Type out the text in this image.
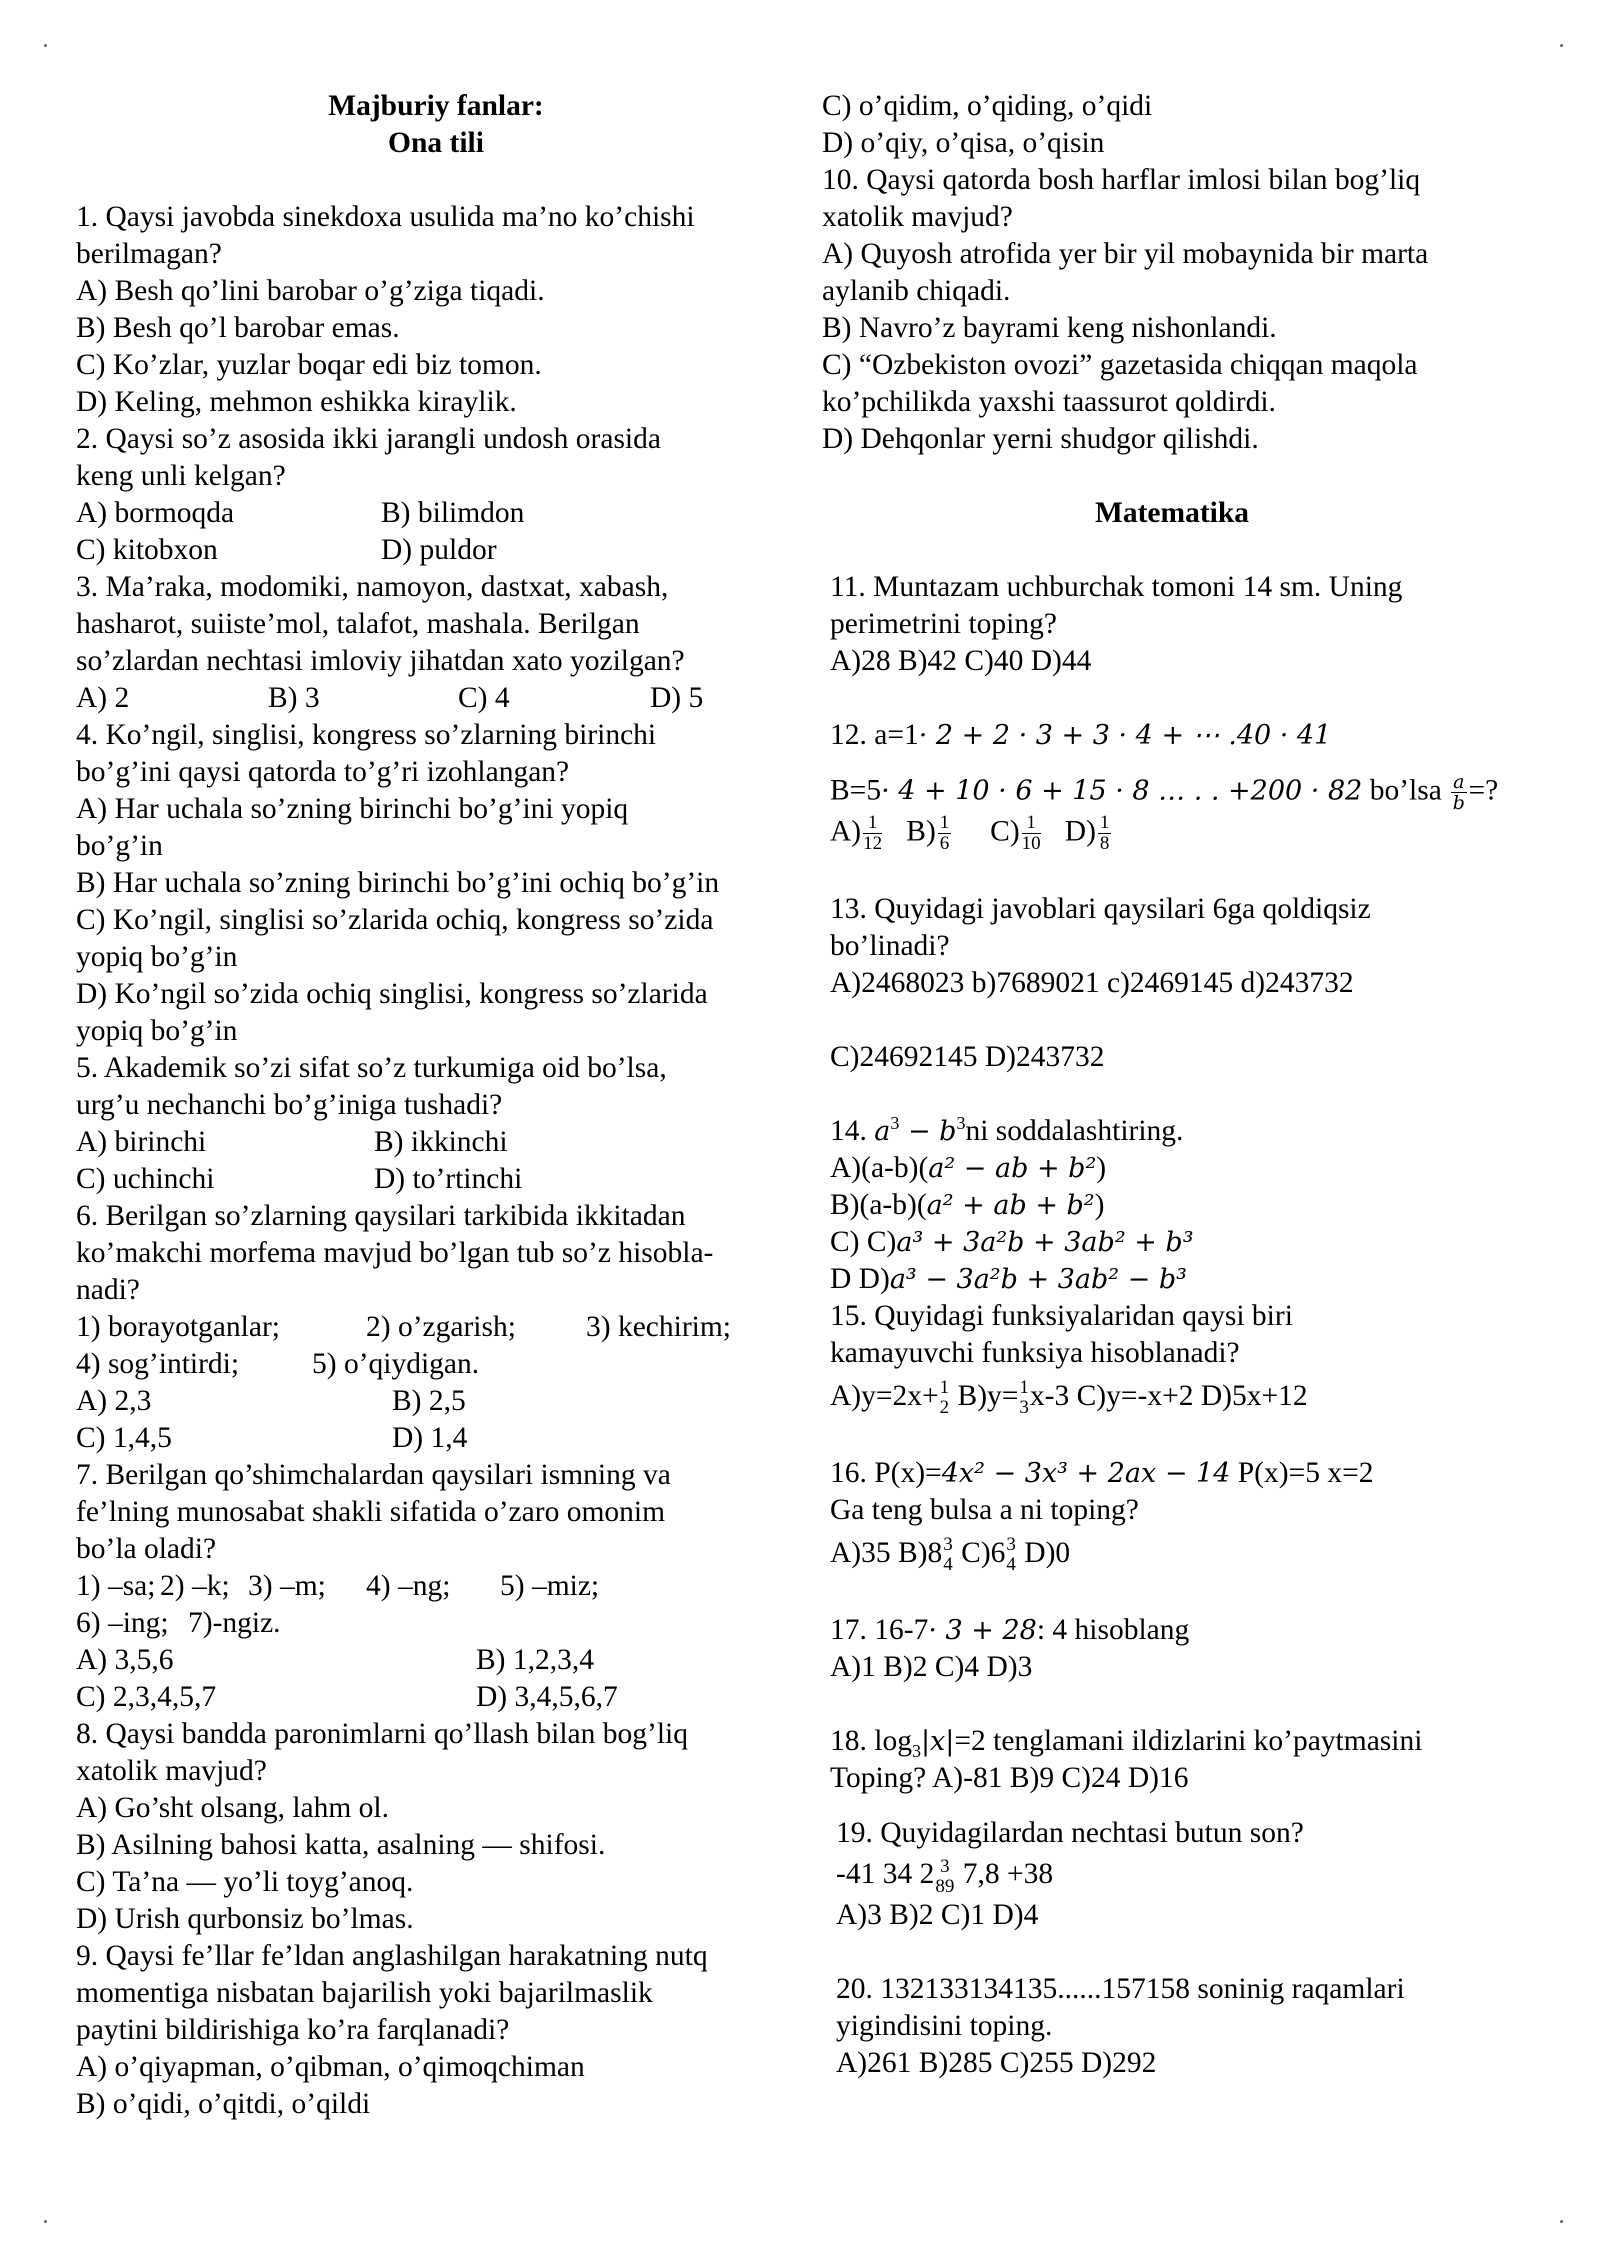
Majburiy fanlar:
Ona tili
1. Qaysi javobda sinekdoxa usulida ma’no ko’chishi
berilmagan?
A) Besh qo’lini barobar o’g’ziga tiqadi.
B) Besh qo’l barobar emas.
C) Ko’zlar, yuzlar boqar edi biz tomon.
D) Keling, mehmon eshikka kiraylik.
2. Qaysi so’z asosida ikki jarangli undosh orasida
keng unli kelgan?
A) bormoqda	B) bilimdon
C) kitobxon	D) puldor
3. Ma’raka, modomiki, namoyon, dastxat, xabash,
hasharot, suiiste’mol, talafot, mashala. Berilgan
so’zlardan nechtasi imloviy jihatdan xato yozilgan?
A) 2	B) 3	C) 4	D) 5
4. Ko’ngil, singlisi, kongress so’zlarning birinchi
bo’g’ini qaysi qatorda to’g’ri izohlangan?
A) Har uchala so’zning birinchi bo’g’ini yopiq
bo’g’in
B) Har uchala so’zning birinchi bo’g’ini ochiq bo’g’in
C) Ko’ngil, singlisi so’zlarida ochiq, kongress so’zida
yopiq bo’g’in
D) Ko’ngil so’zida ochiq singlisi, kongress so’zlarida
yopiq bo’g’in
5. Akademik so’zi sifat so’z turkumiga oid bo’lsa,
urg’u nechanchi bo’g’iniga tushadi?
A) birinchi	B) ikkinchi
C) uchinchi	D) to’rtinchi
6. Berilgan so’zlarning qaysilari tarkibida ikkitadan
ko’makchi morfema mavjud bo’lgan tub so’z hisobla-
nadi?
1) borayotganlar;	2) o’zgarish; 3) kechirim;
4) sog’intirdi; 5) o’qiydigan.
A) 2,3	B) 2,5
C) 1,4,5	D) 1,4
7. Berilgan qo’shimchalardan qaysilari ismning va
fe’lning munosabat shakli sifatida o’zaro omonim
bo’la oladi?
1) –sa; 2) –k; 3) –m; 4) –ng; 5) –miz;
6) –ing; 7)-ngiz.
A) 3,5,6	B) 1,2,3,4
C) 2,3,4,5,7	D) 3,4,5,6,7
8. Qaysi bandda paronimlarni qo’llash bilan bog’liq
xatolik mavjud?
A) Go’sht olsang, lahm ol.
B) Asilning bahosi katta, asalning — shifosi.
C) Ta’na — yo’li toyg’anoq.
D) Urish qurbonsiz bo’lmas.
9. Qaysi fe’llar fe’ldan anglashilgan harakatning nutq
momentiga nisbatan bajarilish yoki bajarilmaslik
paytini bildirishiga ko’ra farqlanadi?
A) o’qiyapman, o’qibman, o’qimoqchiman
B) o’qidi, o’qitdi, o’qildi
C) o’qidim, o’qiding, o’qidi
D) o’qiy, o’qisa, o’qisin
10. Qaysi qatorda bosh harflar imlosi bilan bog’liq
xatolik mavjud?
A) Quyosh atrofida yer bir yil mobaynida bir marta
aylanib chiqadi.
B) Navro’z bayrami keng nishonlandi.
C) “Ozbekiston ovozi” gazetasida chiqqan maqola
ko’pchilikda yaxshi taassurot qoldirdi.
D) Dehqonlar yerni shudgor qilishdi.
Matematika
11. Muntazam uchburchak tomoni 14 sm. Uning
perimetrini toping?
A)28 B)42 C)40 D)44
12. a=1· 2 + 2 · 3 + 3 · 4 + ⋯ .40 · 41
B=5· 4 + 10 · 6 + 15 · 8 … . . +200 · 82 bo’lsa $\frac{a}{b}$ =?
$A) \frac{1}{12} B) \frac{1}{6} C) \frac{1}{10} D) \frac{1}{8}$
13. Quyidagi javoblari qaysilari 6ga qoldiqsiz
bo’linadi?
A)2468023 b)7689021 c)2469145 d)243732
C)24692145 D)243732
14. $a^3 - b^3ni$ soddalashtiring.
A)(a-b)(a² − ab + b²)
B)(a-b)(a² + ab + b²)
C) C)a³ + 3a²b + 3ab² + b³
D D)a³ − 3a²b + 3ab² − b³
15. Quyidagi funksiyalaridan qaysi biri
kamayuvchi funksiya hisoblanadi?
A)y=2x+ 1
2 B)y= 1
3 x-3 C)y=-x+2 D)5x+12
16. P(x)=4x² − 3x³ + 2ax − 14 P(x)=5 x=2
Ga teng bulsa a ni toping?
A)35 B)8 3
4 C)6 3
4 D)0
17. 16-7· 3 + 28: 4 hisoblang
A)1 B)2 C)4 D)3
18. $\log_3|x|=2$ tenglamani ildizlarini ko’paytmasini
Toping? A)-81 B)9 C)24 D)16
19. Quyidagilardan nechtasi butun son?
-41 34 2 3
89 7,8 +38
A)3 B)2 C)1 D)4
20. 132133134135......157158 soninig raqamlari
yigindisini toping.
A)261 B)285 C)255 D)292
